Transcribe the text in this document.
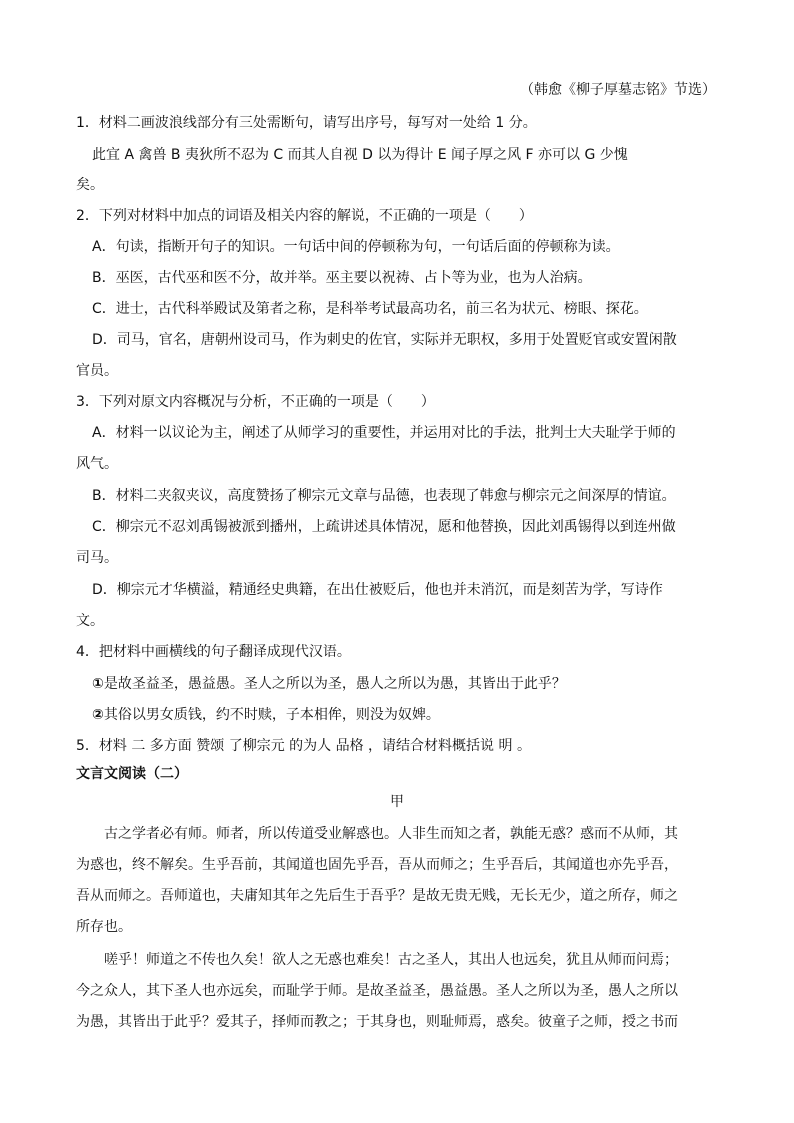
（韩愈《柳子厚墓志铭》节选）
1．材料二画波浪线部分有三处需断句，请写出序号，每写对一处给 1 分。
此宜 A 禽兽 B 夷狄所不忍为 C 而其人自视 D 以为得计 E 闻子厚之风 F 亦可以 G 少愧
矣。
2．下列对材料中加点的词语及相关内容的解说，不正确的一项是（　　）
A．句读，指断开句子的知识。一句话中间的停顿称为句，一句话后面的停顿称为读。
B．巫医，古代巫和医不分，故并举。巫主要以祝祷、占卜等为业，也为人治病。
C．进士，古代科举殿试及第者之称，是科举考试最高功名，前三名为状元、榜眼、探花。
D．司马，官名，唐朝州设司马，作为刺史的佐官，实际并无职权，多用于处置贬官或安置闲散
官员。
3．下列对原文内容概况与分析，不正确的一项是（　　）
A．材料一以议论为主，阐述了从师学习的重要性，并运用对比的手法，批判士大夫耻学于师的
风气。
B．材料二夹叙夹议，高度赞扬了柳宗元文章与品德，也表现了韩愈与柳宗元之间深厚的情谊。
C．柳宗元不忍刘禹锡被派到播州，上疏讲述具体情况，愿和他替换，因此刘禹锡得以到连州做
司马。
D．柳宗元才华横溢，精通经史典籍，在出仕被贬后，他也并未消沉，而是刻苦为学，写诗作
文。
4．把材料中画横线的句子翻译成现代汉语。
①是故圣益圣，愚益愚。圣人之所以为圣，愚人之所以为愚，其皆出于此乎？
②其俗以男女质钱，约不时赎，子本相侔，则没为奴婢。
5．材料 二 多方面 赞颂 了柳宗元 的为人 品格 ，请结合材料概括说 明 。
文言文阅读（二）
甲
古之学者必有师。师者，所以传道受业解惑也。人非生而知之者，孰能无惑？惑而不从师，其
为惑也，终不解矣。生乎吾前，其闻道也固先乎吾，吾从而师之；生乎吾后，其闻道也亦先乎吾，
吾从而师之。吾师道也，夫庸知其年之先后生于吾乎？是故无贵无贱，无长无少，道之所存，师之
所存也。
嗟乎！师道之不传也久矣！欲人之无惑也难矣！古之圣人，其出人也远矣，犹且从师而问焉；
今之众人，其下圣人也亦远矣，而耻学于师。是故圣益圣，愚益愚。圣人之所以为圣，愚人之所以
为愚，其皆出于此乎？爱其子，择师而教之；于其身也，则耻师焉，惑矣。彼童子之师，授之书而
